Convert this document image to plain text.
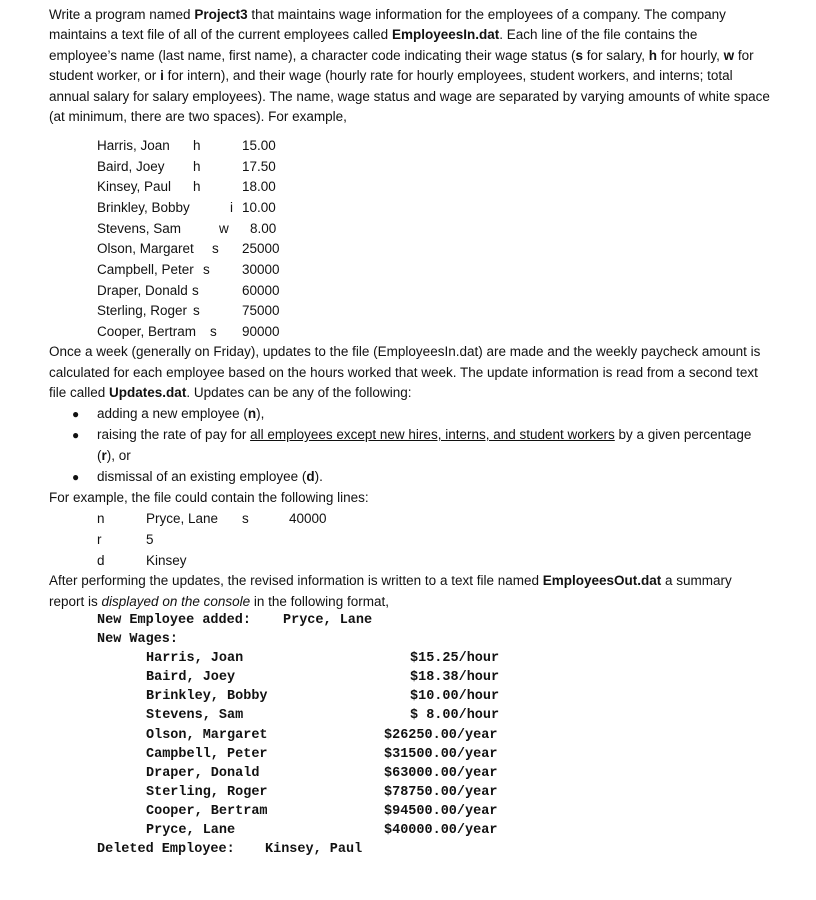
Write a program named Project3 that maintains wage information for the employees of a company. The company
maintains a text file of all of the current employees called EmployeesIn.dat. Each line of the file contains the
employee’s name (last name, first name), a character code indicating their wage status (s for salary, h for hourly, w for
student worker, or i for intern), and their wage (hourly rate for hourly employees, student workers, and interns; total
annual salary for salary employees). The name, wage status and wage are separated by varying amounts of white space
(at minimum, there are two spaces). For example,
Harris, Joan h	15.00
Baird, Joey h	17.50
Kinsey, Paul h	18.00
Brinkley, Bobby	i 10.00
Stevens, Sam	w 8.00
Olson, Margaret s 25000
Campbell, Peter s 30000
Draper, Donald s	60000
Sterling, Roger s	75000
Cooper, Bertram s 90000
Once a week (generally on Friday), updates to the file (EmployeesIn.dat) are made and the weekly paycheck amount is
calculated for each employee based on the hours worked that week. The update information is read from a second text
file called Updates.dat. Updates can be any of the following:
● adding a new employee (n),
● raising the rate of pay for all employees except new hires, interns, and student workers by a given percentage
(r), or
● dismissal of an existing employee (d).
For example, the file could contain the following lines:
n	Pryce, Lane s	40000
r	5
d	Kinsey
After performing the updates, the revised information is written to a text file named EmployeesOut.dat a summary
report is displayed on the console in the following format,
New Employee added: Pryce, Lane
New Wages:
Harris, Joan	$15.25/hour
Baird, Joey	$18.38/hour
Brinkley, Bobby	$10.00/hour
Stevens, Sam	$ 8.00/hour
Olson, Margaret	$26250.00/year
Campbell, Peter	$31500.00/year
Draper, Donald	$63000.00/year
Sterling, Roger	$78750.00/year
Cooper, Bertram	$94500.00/year
Pryce, Lane	$40000.00/year
Deleted Employee: Kinsey, Paul
